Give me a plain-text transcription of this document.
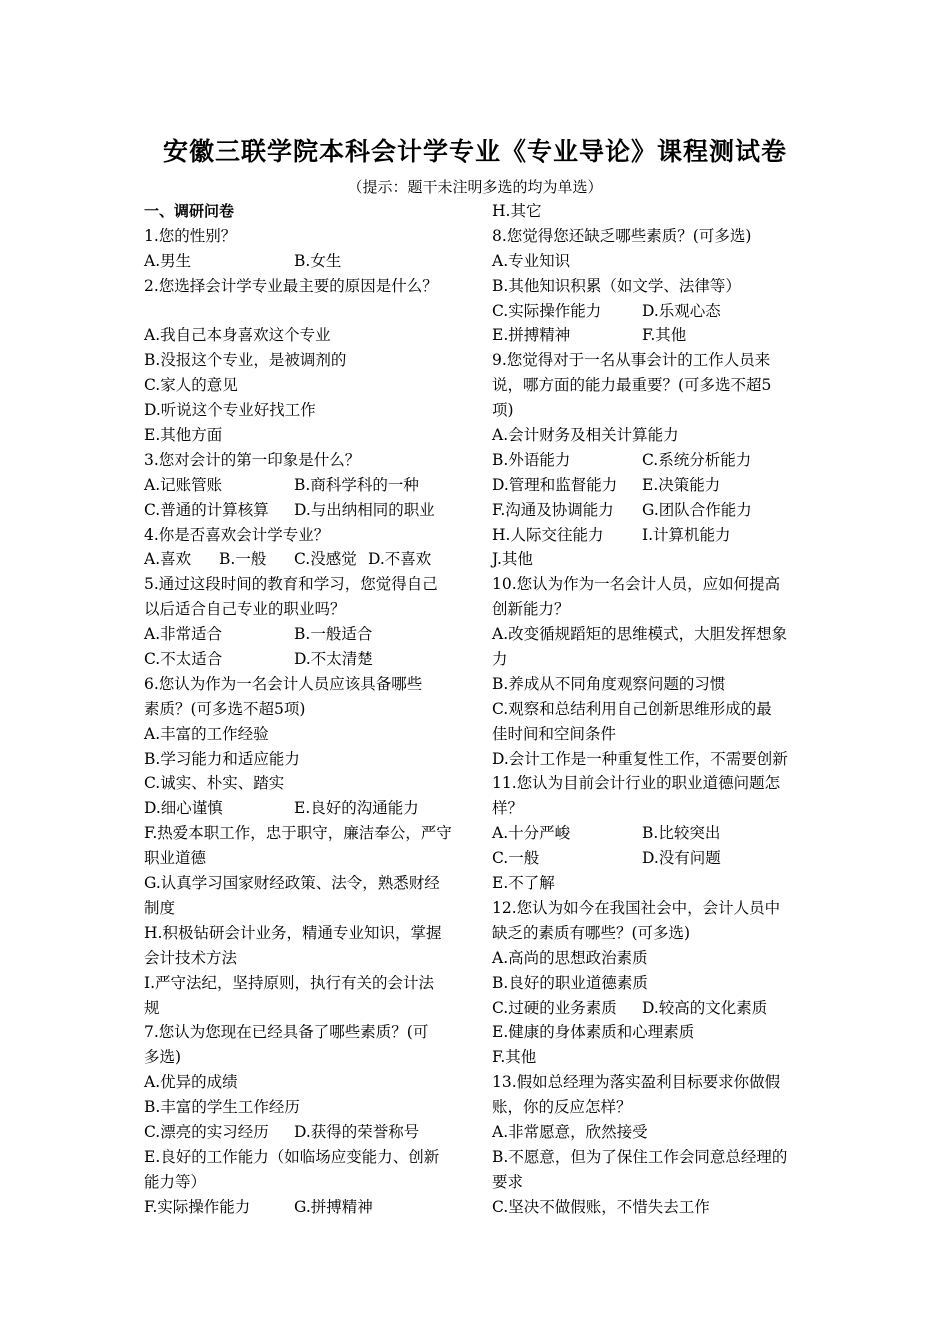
安徽三联学院本科会计学专业《专业导论》课程测试卷
（提示：题干未注明多选的均为单选）
一、调研问卷
1.您的性别？
A.男生	B.女生
2.您选择会计学专业最主要的原因是什么？
A.我自己本身喜欢这个专业
B.没报这个专业，是被调剂的
C.家人的意见
D.听说这个专业好找工作
E.其他方面
3.您对会计的第一印象是什么？
A.记账管账	B.商科学科的一种
C.普通的计算核算	D.与出纳相同的职业
4.你是否喜欢会计学专业？
A.喜欢	B.一般	C.没感觉 D.不喜欢
5.通过这段时间的教育和学习，您觉得自己
以后适合自己专业的职业吗？
A.非常适合	B.一般适合
C.不太适合	D.不太清楚
6.您认为作为一名会计人员应该具备哪些
素质？(可多选不超5项)
A.丰富的工作经验
B.学习能力和适应能力
C.诚实、朴实、踏实
D.细心谨慎	E.良好的沟通能力
F.热爱本职工作，忠于职守，廉洁奉公，严守
职业道德
G.认真学习国家财经政策、法令，熟悉财经
制度
H.积极钻研会计业务，精通专业知识，掌握
会计技术方法
I.严守法纪，坚持原则，执行有关的会计法
规
7.您认为您现在已经具备了哪些素质？(可
多选)
A.优异的成绩
B.丰富的学生工作经历
C.漂亮的实习经历	D.获得的荣誉称号
E.良好的工作能力（如临场应变能力、创新
能力等）
F.实际操作能力	G.拼搏精神
H.其它
8.您觉得您还缺乏哪些素质？(可多选)
A.专业知识
B.其他知识积累（如文学、法律等）
C.实际操作能力	D.乐观心态
E.拼搏精神	F.其他
9.您觉得对于一名从事会计的工作人员来
说，哪方面的能力最重要？(可多选不超5
项)
A.会计财务及相关计算能力
B.外语能力	C.系统分析能力
D.管理和监督能力	E.决策能力
F.沟通及协调能力	G.团队合作能力
H.人际交往能力	I.计算机能力
J.其他
10.您认为作为一名会计人员，应如何提高
创新能力？
A.改变循规蹈矩的思维模式，大胆发挥想象
力
B.养成从不同角度观察问题的习惯
C.观察和总结利用自己创新思维形成的最
佳时间和空间条件
D.会计工作是一种重复性工作，不需要创新
11.您认为目前会计行业的职业道德问题怎
样？
A.十分严峻	B.比较突出
C.一般	D.没有问题
E.不了解
12.您认为如今在我国社会中，会计人员中
缺乏的素质有哪些？(可多选)
A.高尚的思想政治素质
B.良好的职业道德素质
C.过硬的业务素质	D.较高的文化素质
E.健康的身体素质和心理素质
F.其他
13.假如总经理为落实盈利目标要求你做假
账，你的反应怎样？
A.非常愿意，欣然接受
B.不愿意，但为了保住工作会同意总经理的
要求
C.坚决不做假账，不惜失去工作
